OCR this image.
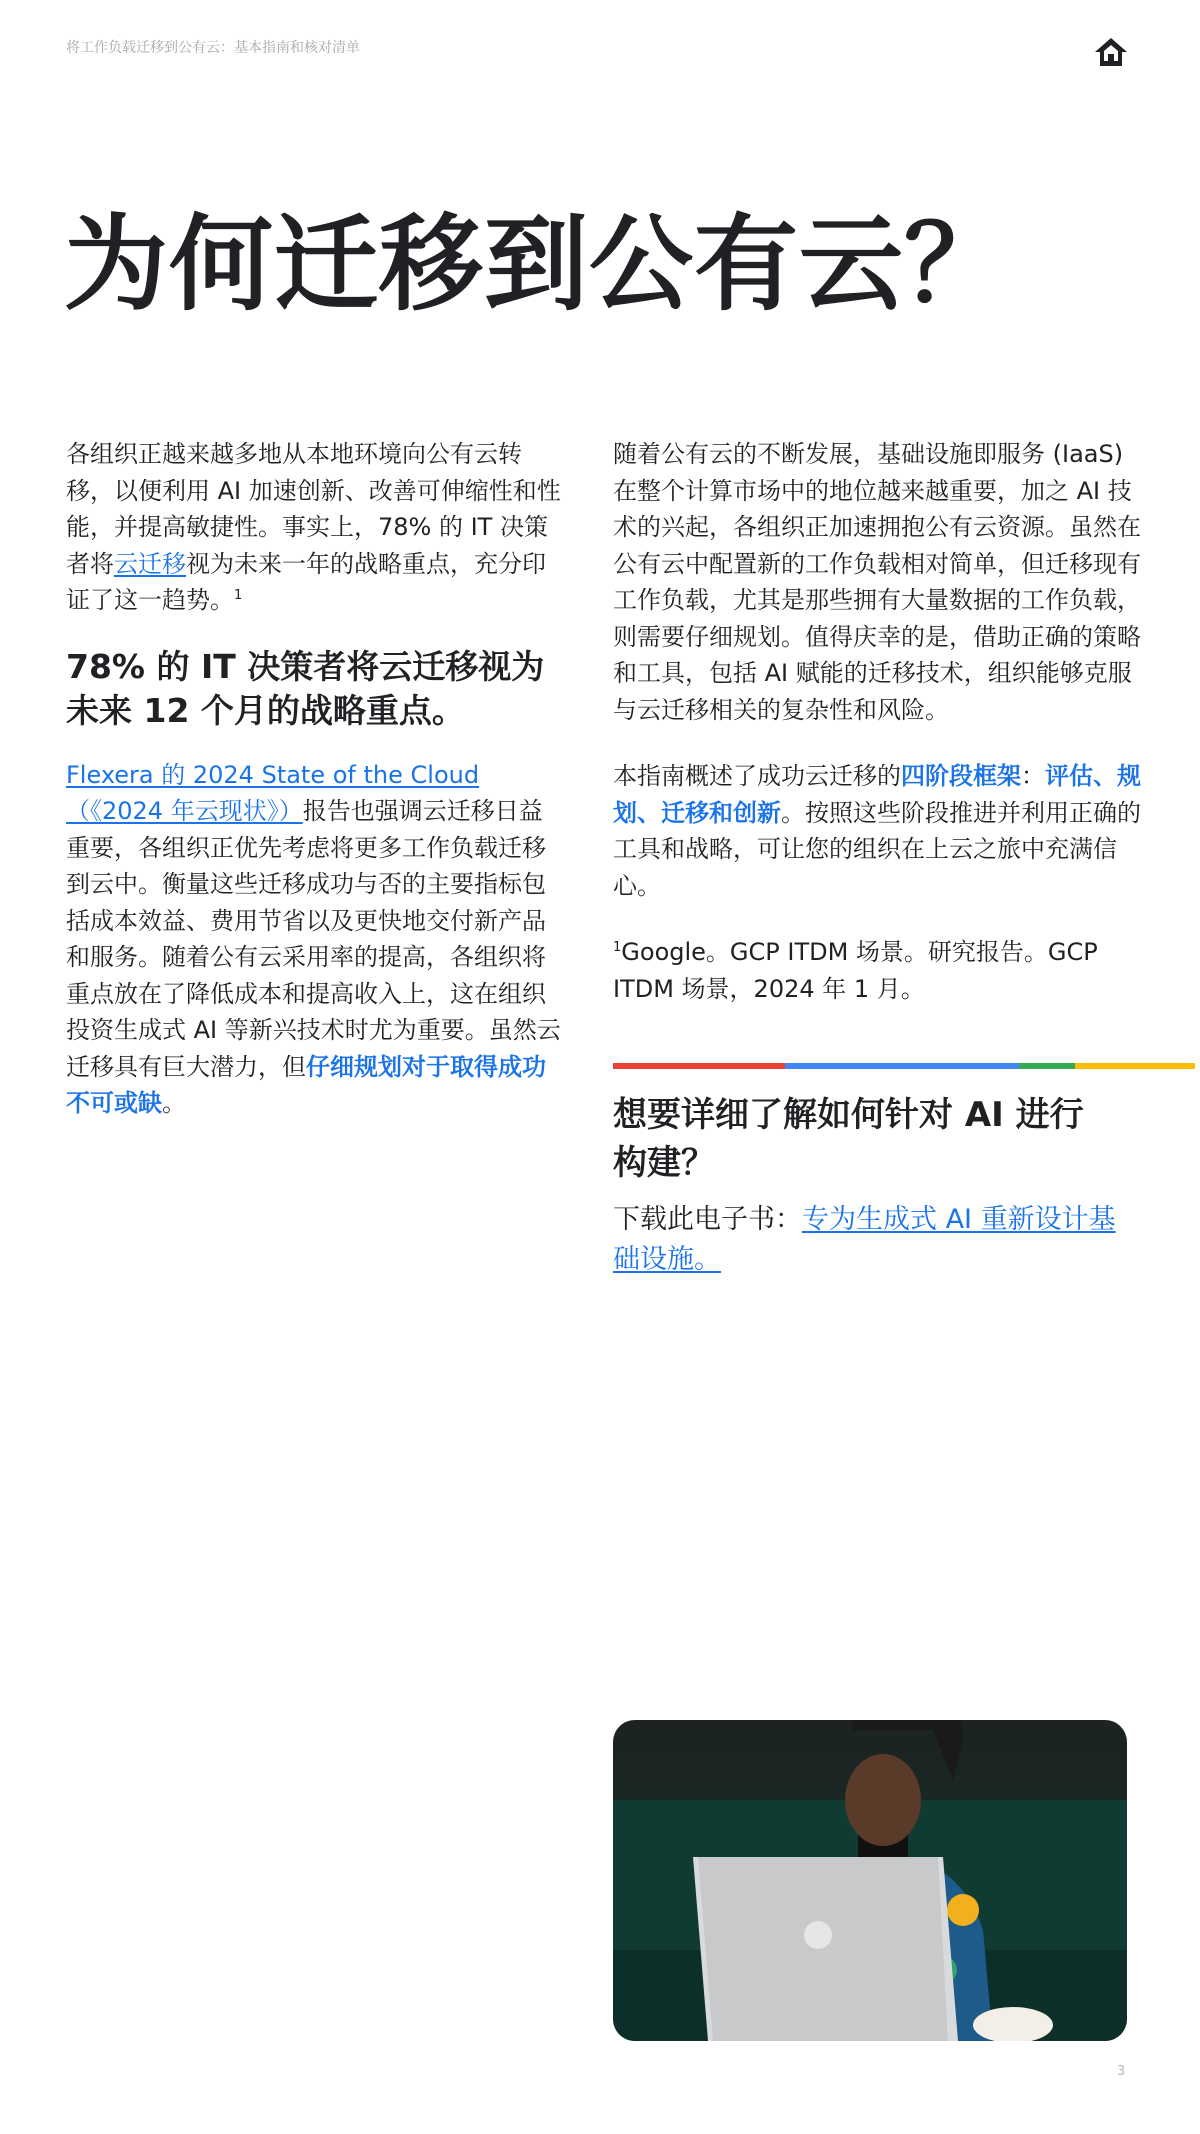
将工作负载迁移到公有云：基本指南和核对清单
为何迁移到公有云？

各组织正越来越多地从本地环境向公有云转移，以便利用 AI 加速创新、改善可伸缩性和性能，并提高敏捷性。事实上，78% 的 IT 决策者将云迁移视为未来一年的战略重点，充分印证了这一趋势。$^1$

78% 的 IT 决策者将云迁移视为未来 12 个月的战略重点。

Flexera 的 2024 State of the Cloud（《2024 年云现状》）报告也强调云迁移日益重要，各组织正优先考虑将更多工作负载迁移到云中。衡量这些迁移成功与否的主要指标包括成本效益、费用节省以及更快地交付新产品和服务。随着公有云采用率的提高，各组织将重点放在了降低成本和提高收入上，这在组织投资生成式 AI 等新兴技术时尤为重要。虽然云迁移具有巨大潜力，但仔细规划对于取得成功不可或缺。

随着公有云的不断发展，基础设施即服务 (IaaS) 在整个计算市场中的地位越来越重要，加之 AI 技术的兴起，各组织正加速拥抱公有云资源。虽然在公有云中配置新的工作负载相对简单，但迁移现有工作负载，尤其是那些拥有大量数据的工作负载，则需要仔细规划。值得庆幸的是，借助正确的策略和工具，包括 AI 赋能的迁移技术，组织能够克服与云迁移相关的复杂性和风险。

本指南概述了成功云迁移的四阶段框架：评估、规划、迁移和创新。按照这些阶段推进并利用正确的工具和战略，可让您的组织在上云之旅中充满信心。

$^1$Google。GCP ITDM 场景。研究报告。GCP ITDM 场景，2024 年 1 月。

想要详细了解如何针对 AI 进行构建？
下载此电子书：专为生成式 AI 重新设计基础设施。
3
